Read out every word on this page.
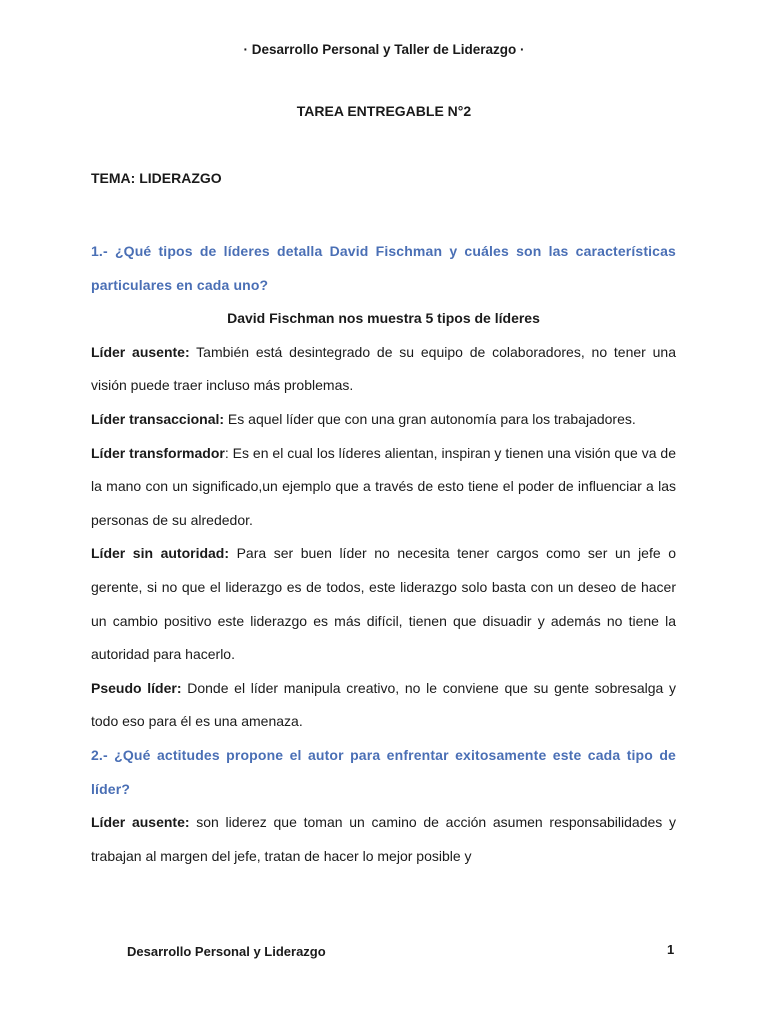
· Desarrollo Personal y Taller de Liderazgo ·
TAREA ENTREGABLE N°2
TEMA: LIDERAZGO

1.- ¿Qué tipos de líderes detalla David Fischman y cuáles son las características particulares en cada uno?

David Fischman nos muestra 5 tipos de líderes

Líder ausente: También está desintegrado de su equipo de colaboradores, no tener una visión puede traer incluso más problemas.

Líder transaccional: Es aquel líder que con una gran autonomía para los trabajadores.

Líder transformador: Es en el cual los líderes alientan, inspiran y tienen una visión que va de la mano con un significado,un ejemplo que a través de esto tiene el poder de influenciar a las personas de su alrededor.

Líder sin autoridad: Para ser buen líder no necesita tener cargos como ser un jefe o gerente, si no que el liderazgo es de todos, este liderazgo solo basta con un deseo de hacer un cambio positivo este liderazgo es más difícil, tienen que disuadir y además no tiene la autoridad para hacerlo.

Pseudo líder: Donde el líder manipula creativo, no le conviene que su gente sobresalga y todo eso para él es una amenaza.

2.- ¿Qué actitudes propone el autor para enfrentar exitosamente este cada tipo de líder?

Líder ausente: son liderez que toman un camino de acción asumen responsabilidades y trabajan al margen del jefe, tratan de hacer lo mejor posible y

Desarrollo Personal y Liderazgo	1
